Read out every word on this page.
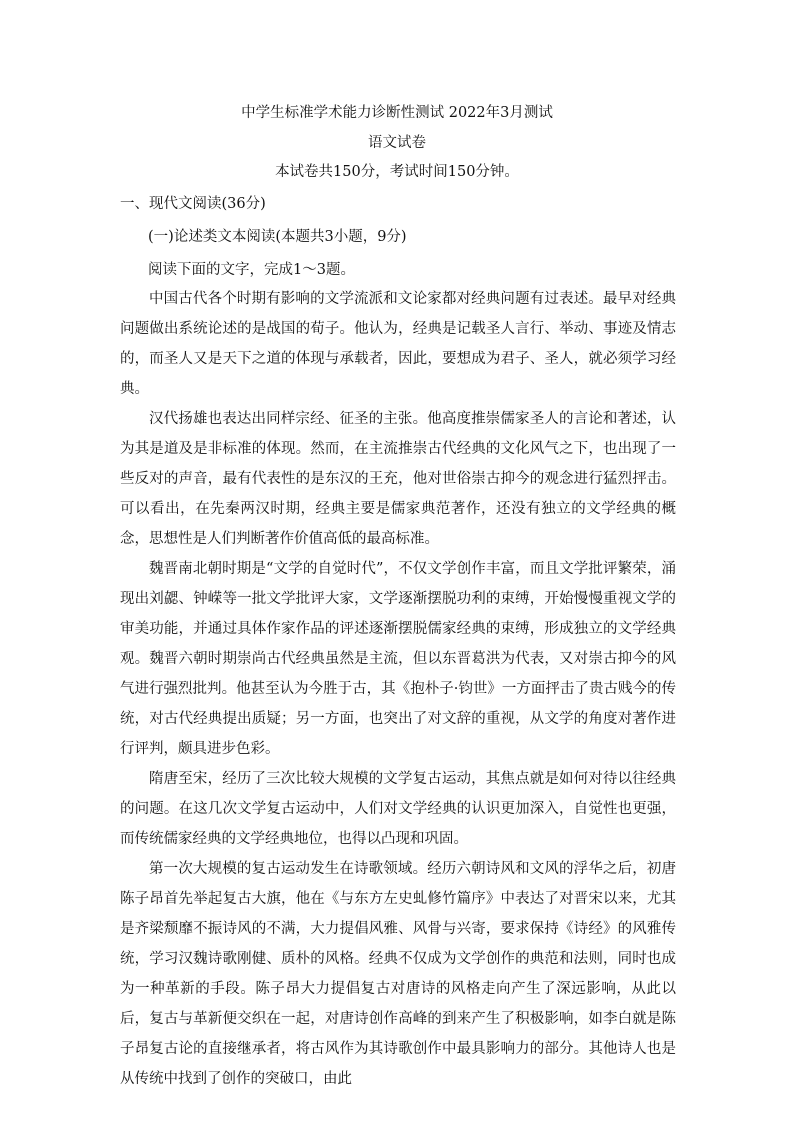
中学生标准学术能力诊断性测试 2022年3月测试
语文试卷
本试卷共150分，考试时间150分钟。
一、现代文阅读(36分)
(一)论述类文本阅读(本题共3小题，9分)
阅读下面的文字，完成1～3题。

中国古代各个时期有影响的文学流派和文论家都对经典问题有过表述。最早对经典问题做出系统论述的是战国的荀子。他认为，经典是记载圣人言行、举动、事迹及情志的，而圣人又是天下之道的体现与承载者，因此，要想成为君子、圣人，就必须学习经典。

汉代扬雄也表达出同样宗经、征圣的主张。他高度推崇儒家圣人的言论和著述，认为其是道及是非标准的体现。然而，在主流推崇古代经典的文化风气之下，也出现了一些反对的声音，最有代表性的是东汉的王充，他对世俗崇古抑今的观念进行猛烈抨击。可以看出，在先秦两汉时期，经典主要是儒家典范著作，还没有独立的文学经典的概念，思想性是人们判断著作价值高低的最高标准。

魏晋南北朝时期是“文学的自觉时代”，不仅文学创作丰富，而且文学批评繁荣，涌现出刘勰、钟嵘等一批文学批评大家，文学逐渐摆脱功利的束缚，开始慢慢重视文学的审美功能，并通过具体作家作品的评述逐渐摆脱儒家经典的束缚，形成独立的文学经典观。魏晋六朝时期崇尚古代经典虽然是主流，但以东晋葛洪为代表，又对崇古抑今的风气进行强烈批判。他甚至认为今胜于古，其《抱朴子·钧世》一方面抨击了贵古贱今的传统，对古代经典提出质疑；另一方面，也突出了对文辞的重视，从文学的角度对著作进行评判，颇具进步色彩。

隋唐至宋，经历了三次比较大规模的文学复古运动，其焦点就是如何对待以往经典的问题。在这几次文学复古运动中，人们对文学经典的认识更加深入，自觉性也更强，而传统儒家经典的文学经典地位，也得以凸现和巩固。

第一次大规模的复古运动发生在诗歌领域。经历六朝诗风和文风的浮华之后，初唐陈子昂首先举起复古大旗，他在《与东方左史虬修竹篇序》中表达了对晋宋以来，尤其是齐梁颓靡不振诗风的不满，大力提倡风雅、风骨与兴寄，要求保持《诗经》的风雅传统，学习汉魏诗歌刚健、质朴的风格。经典不仅成为文学创作的典范和法则，同时也成为一种革新的手段。陈子昂大力提倡复古对唐诗的风格走向产生了深远影响，从此以后，复古与革新便交织在一起，对唐诗创作高峰的到来产生了积极影响，如李白就是陈子昂复古论的直接继承者，将古风作为其诗歌创作中最具影响力的部分。其他诗人也是从传统中找到了创作的突破口，由此
